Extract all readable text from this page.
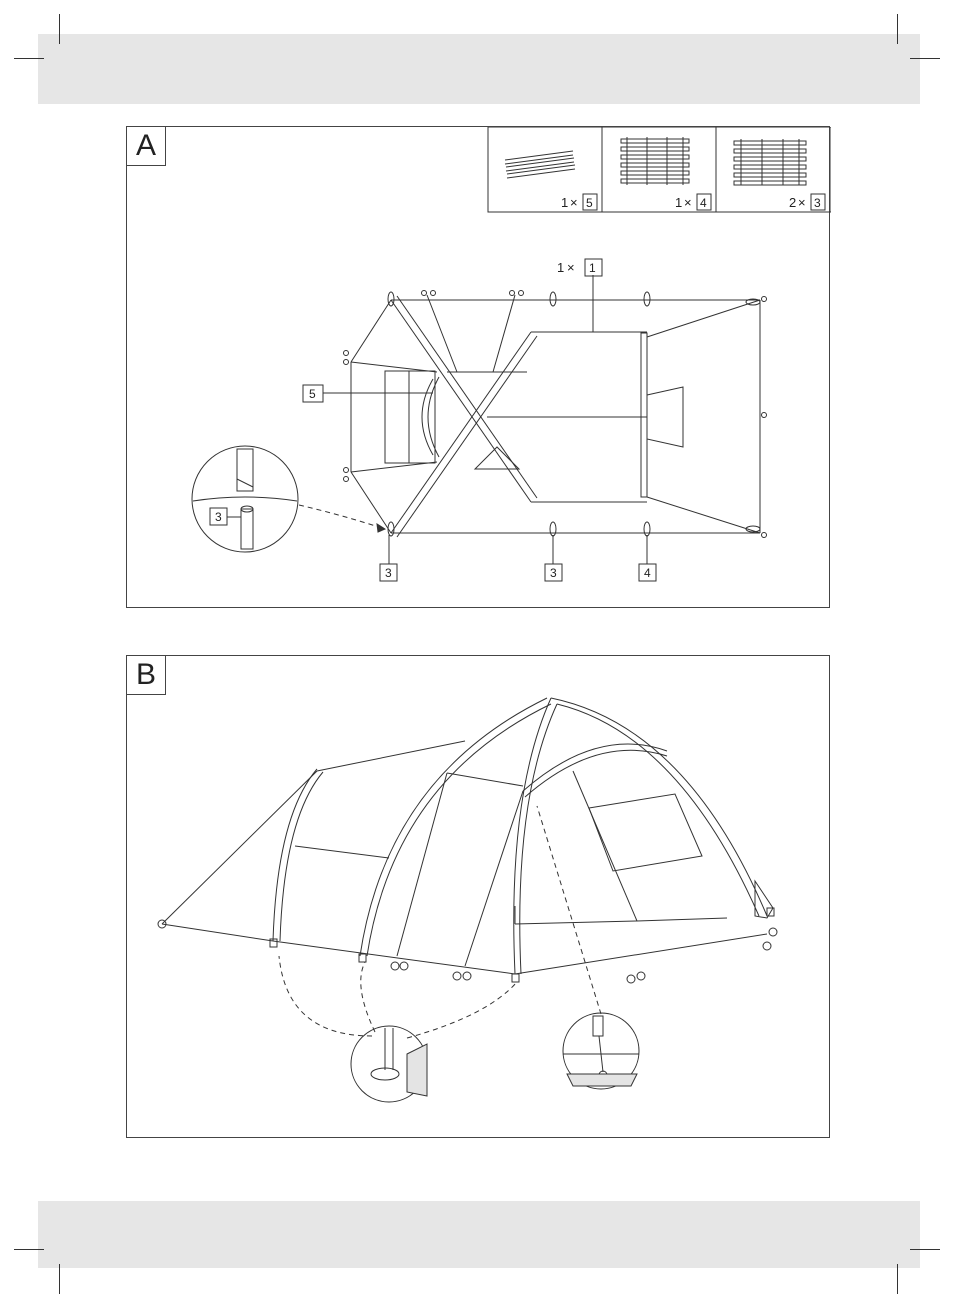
1 × 5	1 × 4	2 × 3
1 × 1
5
3
3	3	4
A
B
